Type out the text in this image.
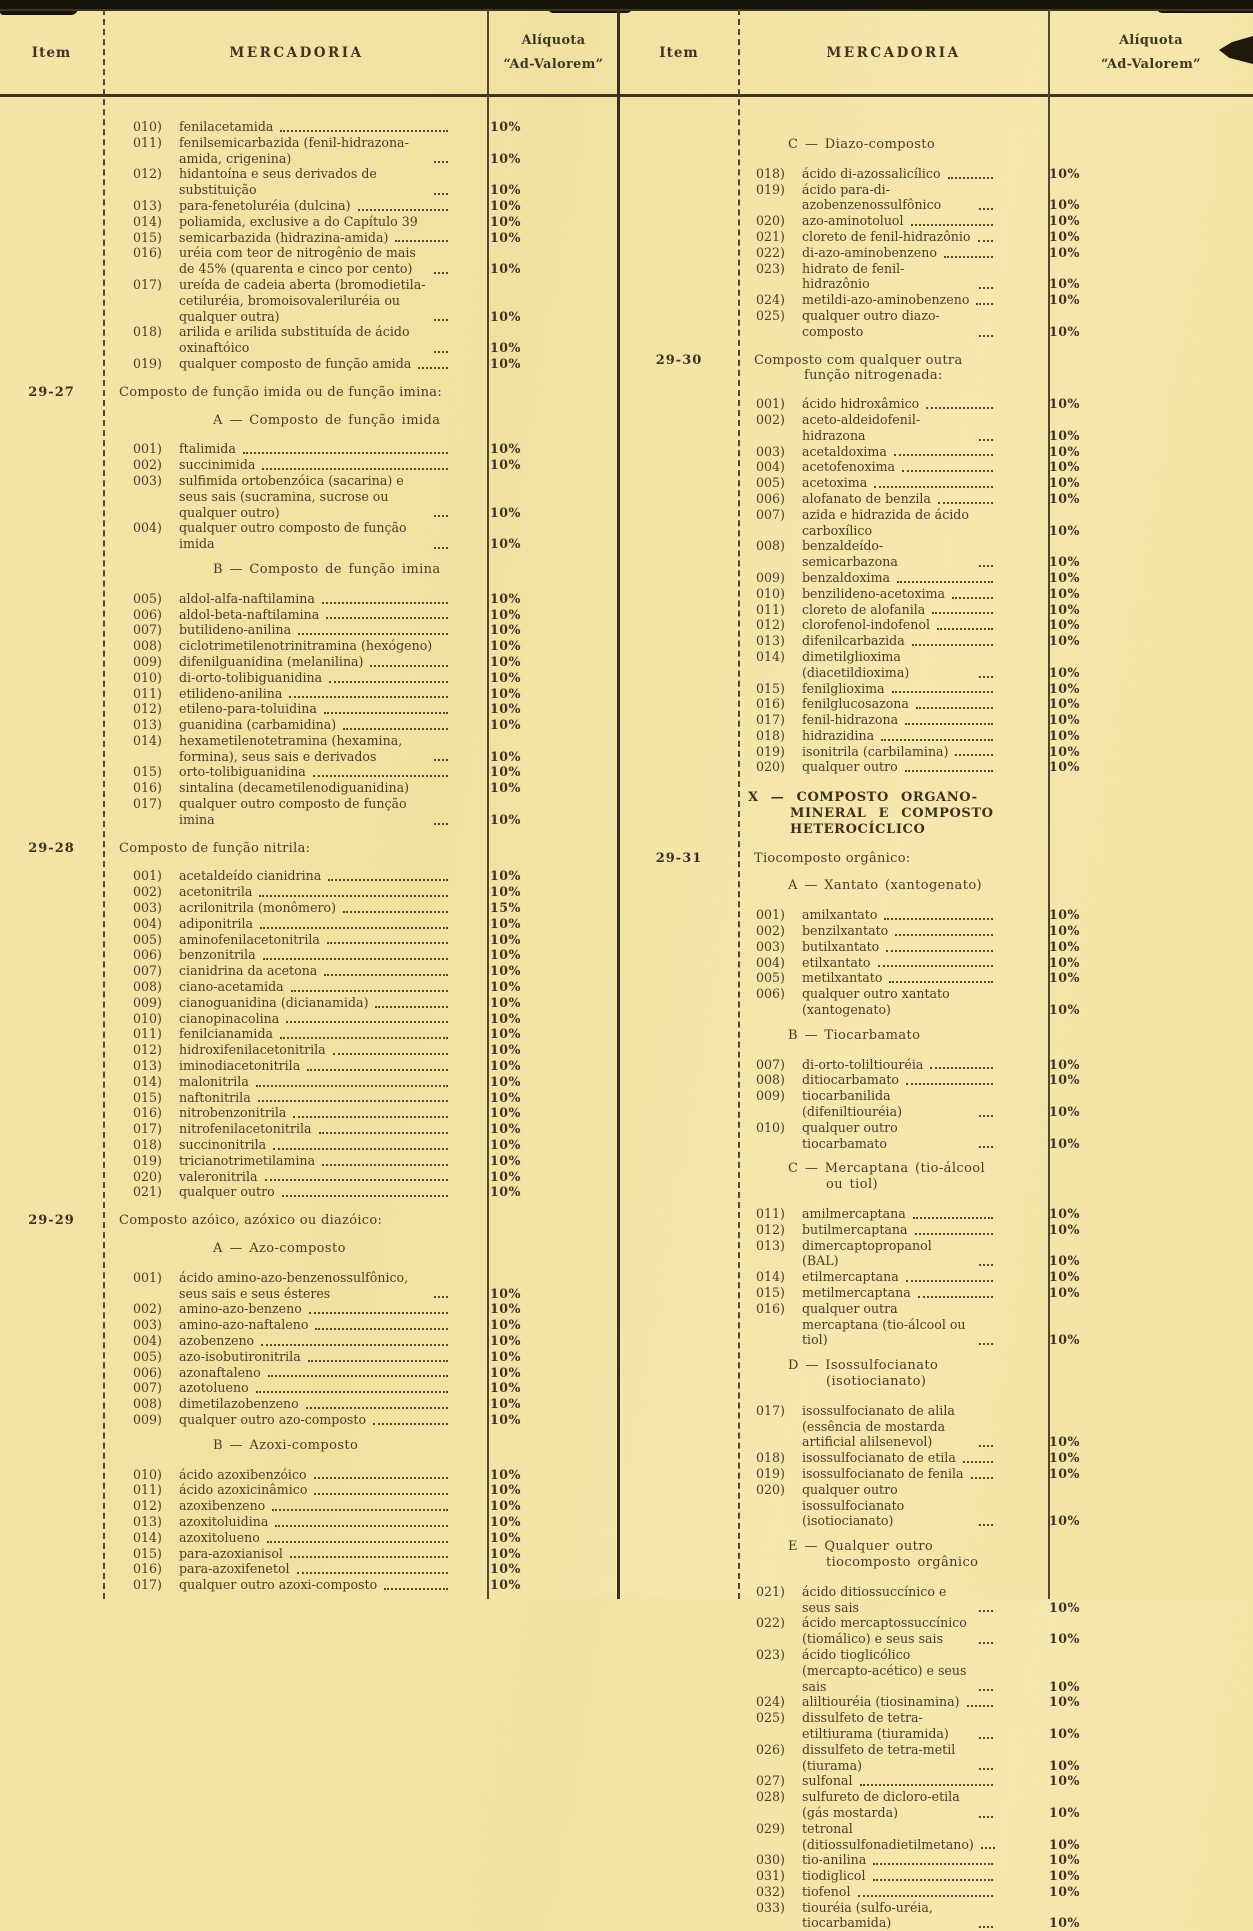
Item	MERCADORIA
Alíquota
“Ad-Valorem”
010)	fenilacetamida	10%
011)	fenilsemicarbazida (fenil-hidrazona-amida, crigenina)	10%
012)	hidantoína e seus derivados de substituição	10%
013)	para-fenetoluréia (dulcina)	10%
014)	poliamida, exclusive a do Capítulo 39	10%
015)	semicarbazida (hidrazina-amida)	10%
016)	uréia com teor de nitrogênio de mais de 45% (quarenta e cinco por cento)	10%
017)	ureída de cadeia aberta (bromodietila-cetiluréia, bromoisovaleriluréia ou qualquer outra)	10%
018)	arilida e arilida substituída de ácido oxinaftóico	10%
019)	qualquer composto de função amida	10%
29-27	Composto de função imida ou de função imina:
A — Composto de função imida
001)	ftalimida	10%
002)	succinimida	10%
003)	sulfimida ortobenzóica (sacarina) e seus sais (sucramina, sucrose ou qualquer outro)	10%
004)	qualquer outro composto de função imida	10%
B — Composto de função imina
005)	aldol-alfa-naftilamina	10%
006)	aldol-beta-naftilamina	10%
007)	butilideno-anilina	10%
008)	ciclotrimetilenotrinitramina (hexógeno)	10%
009)	difenilguanidina (melanilina)	10%
010)	di-orto-tolibiguanidina	10%
011)	etilideno-anilina	10%
012)	etileno-para-toluidina	10%
013)	guanidina (carbamidina)	10%
014)	hexametilenotetramina (hexamina, formina), seus sais e derivados	10%
015)	orto-tolibiguanidina	10%
016)	sintalina (decametilenodiguanidina)	10%
017)	qualquer outro composto de função imina	10%
29-28	Composto de função nitrila:
001)	acetaldeído cianidrina	10%
002)	acetonitrila	10%
003)	acrilonitrila (monômero)	15%
004)	adiponitrila	10%
005)	aminofenilacetonitrila	10%
006)	benzonitrila	10%
007)	cianidrina da acetona	10%
008)	ciano-acetamida	10%
009)	cianoguanidina (dicianamida)	10%
010)	cianopinacolina	10%
011)	fenilcianamida	10%
012)	hidroxifenilacetonitrila	10%
013)	iminodiacetonitrila	10%
014)	malonitrila	10%
015)	naftonitrila	10%
016)	nitrobenzonitrila	10%
017)	nitrofenilacetonitrila	10%
018)	succinonitrila	10%
019)	tricianotrimetilamina	10%
020)	valeronitrila	10%
021)	qualquer outro	10%
29-29	Composto azóico, azóxico ou diazóico:
A — Azo-composto
001)	ácido amino-azo-benzenossulfônico, seus sais e seus ésteres	10%
002)	amino-azo-benzeno	10%
003)	amino-azo-naftaleno	10%
004)	azobenzeno	10%
005)	azo-isobutironitrila	10%
006)	azonaftaleno	10%
007)	azotolueno	10%
008)	dimetilazobenzeno	10%
009)	qualquer outro azo-composto	10%
B — Azoxi-composto
010)	ácido azoxibenzóico	10%
011)	ácido azoxicinâmico	10%
012)	azoxibenzeno	10%
013)	azoxitoluidina	10%
014)	azoxitolueno	10%
015)	para-azoxianisol	10%
016)	para-azoxifenetol	10%
017)	qualquer outro azoxi-composto	10%
Item	MERCADORIA
Alíquota
“Ad-Valorem”
C — Diazo-composto
018)	ácido di-azossalicílico	10%
019)	ácido para-di-azobenzenossulfônico	10%
020)	azo-aminotoluol	10%
021)	cloreto de fenil-hidrazônio	10%
022)	di-azo-aminobenzeno	10%
023)	hidrato de fenil-hidrazônio	10%
024)	metildi-azo-aminobenzeno	10%
025)	qualquer outro diazo-composto	10%
29-30	Composto com qualquer outra função nitrogenada:
001)	ácido hidroxâmico	10%
002)	aceto-aldeidofenil-hidrazona	10%
003)	acetaldoxima	10%
004)	acetofenoxima	10%
005)	acetoxima	10%
006)	alofanato de benzila	10%
007)	azida e hidrazida de ácido carboxílico	10%
008)	benzaldeído-semicarbazona	10%
009)	benzaldoxima	10%
010)	benzilideno-acetoxima	10%
011)	cloreto de alofanila	10%
012)	clorofenol-indofenol	10%
013)	difenilcarbazida	10%
014)	dimetilglioxima (diacetildioxima)	10%
015)	fenilglioxima	10%
016)	fenilglucosazona	10%
017)	fenil-hidrazona	10%
018)	hidrazidina	10%
019)	isonitrila (carbilamina)	10%
020)	qualquer outro	10%
X — COMPOSTO ORGANO-MINERAL E COMPOSTO HETEROCÍCLICO
29-31	Tiocomposto orgânico:
A — Xantato (xantogenato)
001)	amilxantato	10%
002)	benzilxantato	10%
003)	butilxantato	10%
004)	etilxantato	10%
005)	metilxantato	10%
006)	qualquer outro xantato (xantogenato)	10%
B — Tiocarbamato
007)	di-orto-toliltiouréia	10%
008)	ditiocarbamato	10%
009)	tiocarbanilida (difeniltiouréia)	10%
010)	qualquer outro tiocarbamato	10%
C — Mercaptana (tio-álcool ou tiol)
011)	amilmercaptana	10%
012)	butilmercaptana	10%
013)	dimercaptopropanol (BAL)	10%
014)	etilmercaptana	10%
015)	metilmercaptana	10%
016)	qualquer outra mercaptana (tio-álcool ou tiol)	10%
D — Isossulfocianato (isotiocianato)
017)	isossulfocianato de alila (essência de mostarda artificial alilsenevol)	10%
018)	isossulfocianato de etila	10%
019)	isossulfocianato de fenila	10%
020)	qualquer outro isossulfocianato (isotiocianato)	10%
E — Qualquer outro tiocomposto orgânico
021)	ácido ditiossuccínico e seus sais	10%
022)	ácido mercaptossuccínico (tiomálico) e seus sais	10%
023)	ácido tioglicólico (mercapto-acético) e seus sais	10%
024)	aliltiouréia (tiosinamina)	10%
025)	dissulfeto de tetra-etiltiurama (tiuramida)	10%
026)	dissulfeto de tetra-metil (tiurama)	10%
027)	sulfonal	10%
028)	sulfureto de dicloro-etila (gás mostarda)	10%
029)	tetronal (ditiossulfonadietilmetano)	10%
030)	tio-anilina	10%
031)	tiodiglicol	10%
032)	tiofenol	10%
033)	tiouréia (sulfo-uréia, tiocarbamida)	10%
